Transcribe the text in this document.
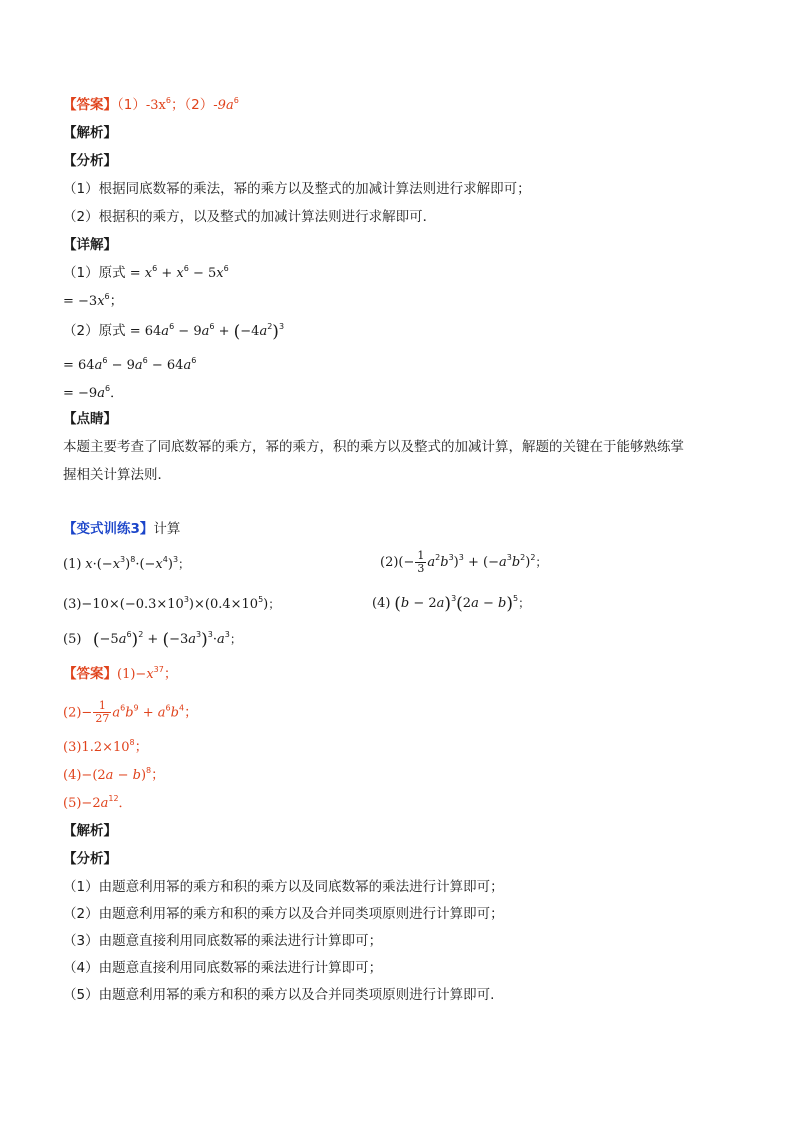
【答案】$(1)-3x^6$；$(2)-9a^6$
【解析】
【分析】
（1）根据同底数幂的乘法，幂的乘方以及整式的加减计算法则进行求解即可；
（2）根据积的乘方，以及整式的加减计算法则进行求解即可．
【详解】
（1）原式 = $x^6 + x^6 - 5x^6$
= $-3x^6$；
（2）原式 = $64a^6 - 9a^6 + (-4a^2)^3$
= $64a^6 - 9a^6 - 64a^6$
= $-9a^6$．
【点睛】
本题主要考查了同底数幂的乘方，幂的乘方，积的乘方以及整式的加减计算，解题的关键在于能够熟练掌
握相关计算法则．
【变式训练3】计算
(1) $x\cdot(-x^3)^8\cdot(-x^4)^3$；	$(2)(- \frac{1}{3} a^2b^3)^3 + (-a^3b^2)^2$；
$(3)-10\times(-0.3\times 10^3)\times(0.4\times 10^5)$；	(4) $(b - 2a)^3(2a - b)^5$；
(5) $(-5a^6)^2 + (-3a^3)^3\cdot a^3$；
【答案】$(1)-x^{37}$；
$(2)- \frac{1}{27} a^6b^9 + a^6b^4$；
$(3)1.2\times 10^8$；
$(4)-(2a - b)^8$；
$(5)-2a^{12}$．
【解析】
【分析】
（1）由题意利用幂的乘方和积的乘方以及同底数幂的乘法进行计算即可；
（2）由题意利用幂的乘方和积的乘方以及合并同类项原则进行计算即可；
（3）由题意直接利用同底数幂的乘法进行计算即可；
（4）由题意直接利用同底数幂的乘法进行计算即可；
（5）由题意利用幂的乘方和积的乘方以及合并同类项原则进行计算即可.
